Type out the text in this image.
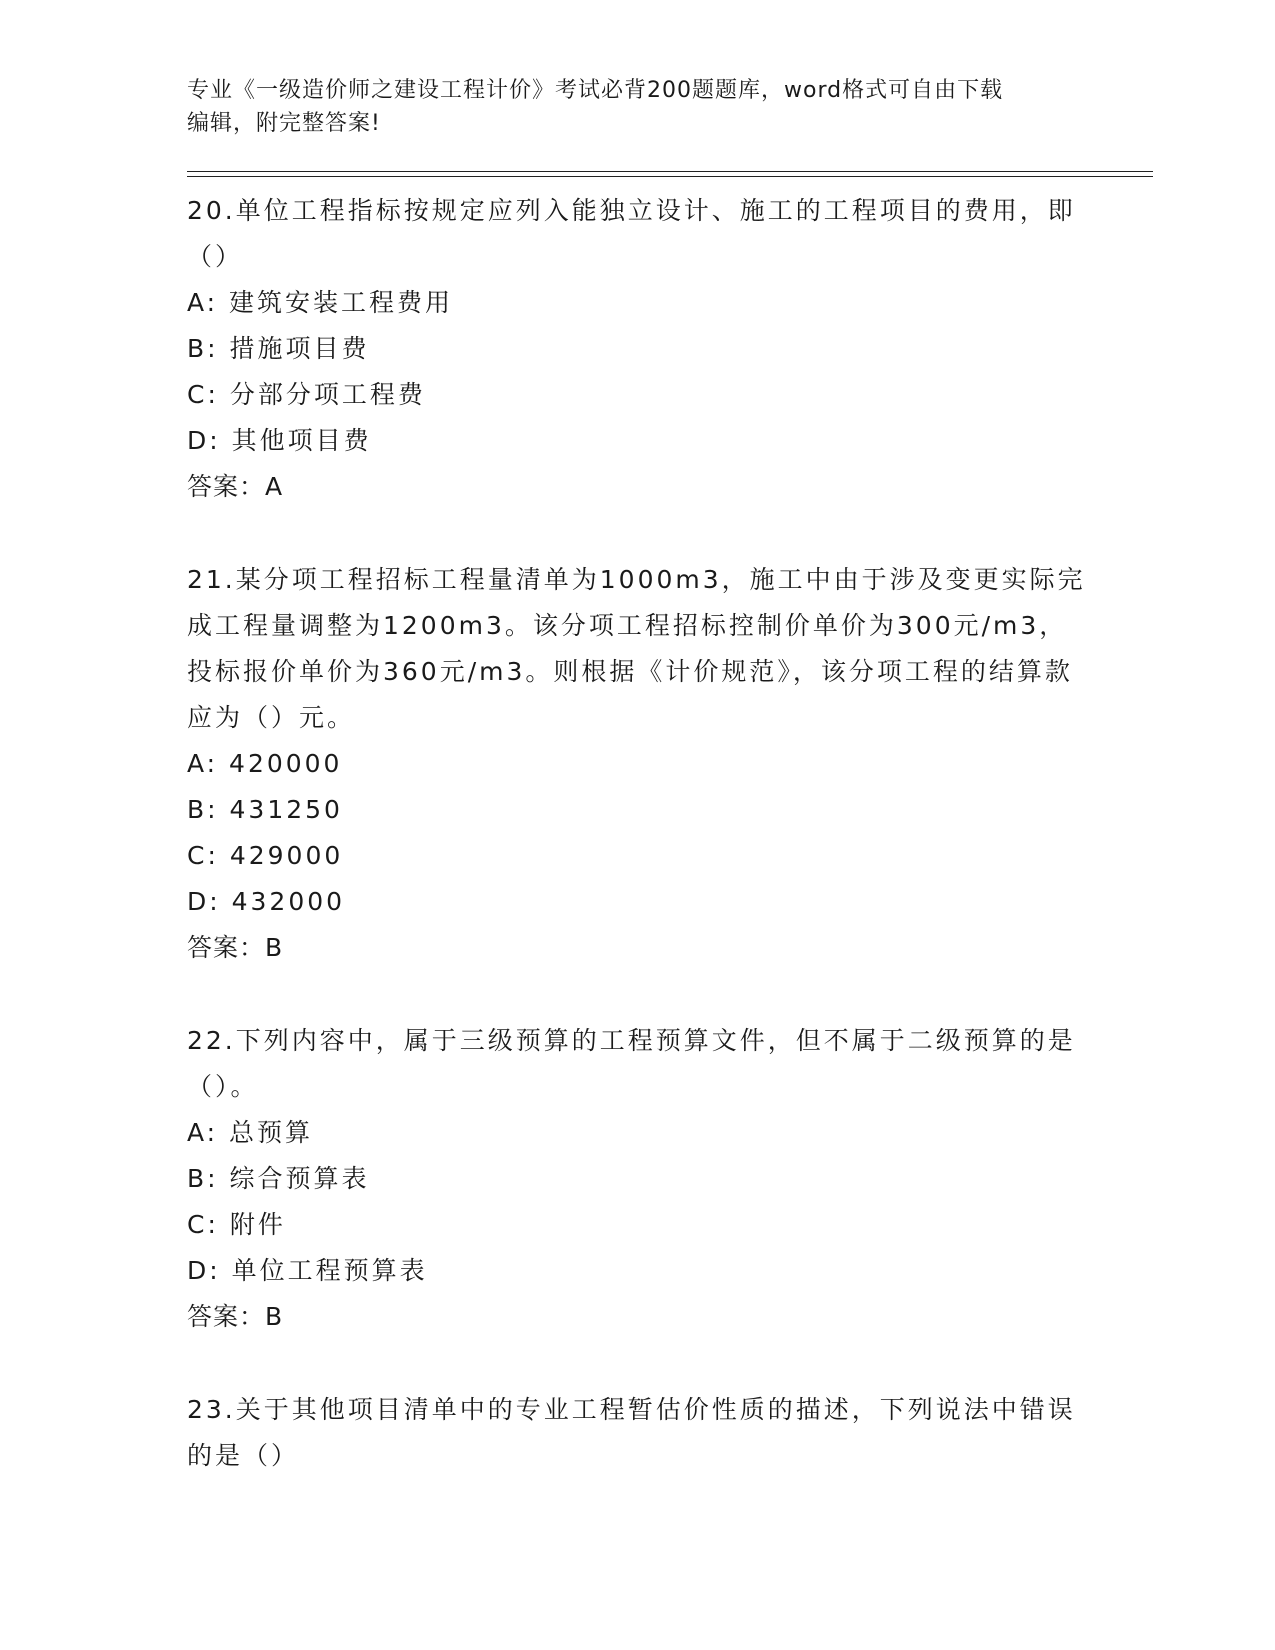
专业《一级造价师之建设工程计价》考试必背200题题库，word格式可自由下载
编辑，附完整答案!
20.单位工程指标按规定应列入能独立设计、施工的工程项目的费用，即（）
A: 建筑安装工程费用
B: 措施项目费
C: 分部分项工程费
D: 其他项目费
答案：A
21.某分项工程招标工程量清单为1000m3，施工中由于涉及变更实际完成工程量调整为1200m3。该分项工程招标控制价单价为300元/m3，投标报价单价为360元/m3。则根据《计价规范》，该分项工程的结算款应为（）元。
A: 420000
B: 431250
C: 429000
D: 432000
答案：B
22.下列内容中，属于三级预算的工程预算文件，但不属于二级预算的是（）。
A: 总预算
B: 综合预算表
C: 附件
D: 单位工程预算表
答案：B
23.关于其他项目清单中的专业工程暂估价性质的描述，下列说法中错误的是（）
